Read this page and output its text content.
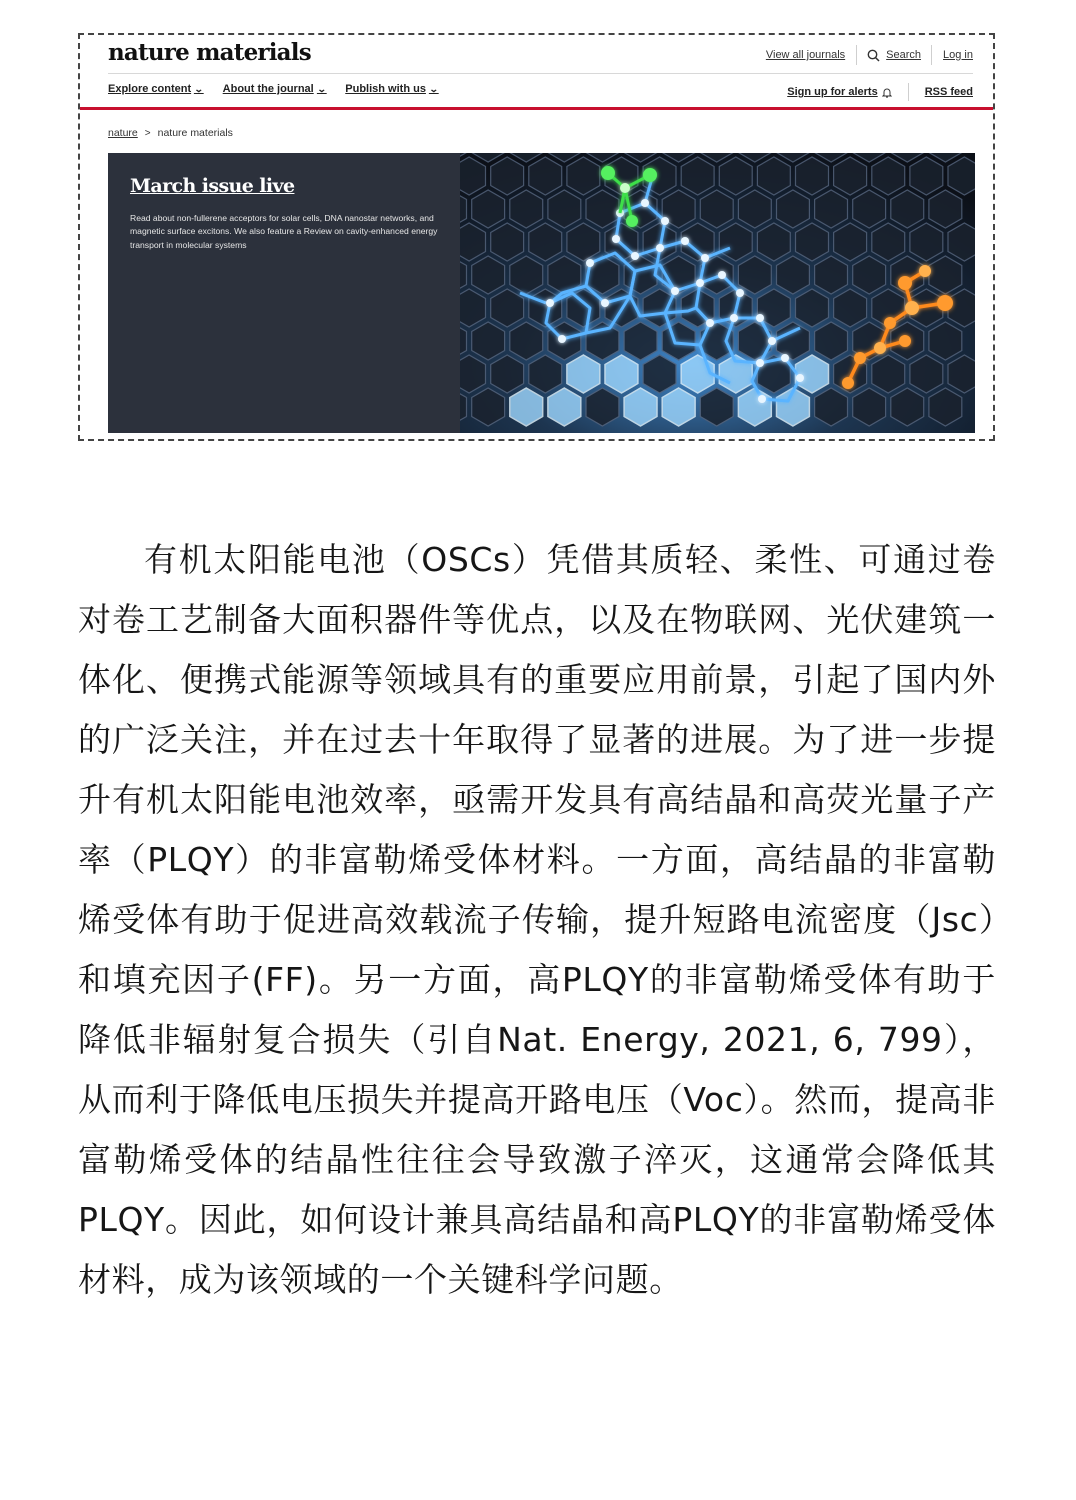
nature materials	View all journals	Search	Log in
Explore content ⌄ About the journal ⌄ Publish with us ⌄	Sign up for alerts	RSS feed
nature > nature materials
March issue live
Read about non-fullerene acceptors for solar cells, DNA nanostar networks, and magnetic surface excitons. We also feature a Review on cavity-enhanced energy transport in molecular systems

有机太阳能电池（OSCs）凭借其质轻、柔性、可通过卷对卷工艺制备大面积器件等优点，以及在物联网、光伏建筑一体化、便携式能源等领域具有的重要应用前景，引起了国内外的广泛关注，并在过去十年取得了显著的进展。为了进一步提升有机太阳能电池效率，亟需开发具有高结晶和高荧光量子产率（PLQY）的非富勒烯受体材料。一方面，高结晶的非富勒烯受体有助于促进高效载流子传输，提升短路电流密度（Jsc）和填充因子(FF)。另一方面，高PLQY的非富勒烯受体有助于降低非辐射复合损失（引自Nat. Energy, 2021, 6, 799），从而利于降低电压损失并提高开路电压（Voc）。然而，提高非富勒烯受体的结晶性往往会导致激子淬灭，这通常会降低其PLQY。因此，如何设计兼具高结晶和高PLQY的非富勒烯受体材料，成为该领域的一个关键科学问题。
